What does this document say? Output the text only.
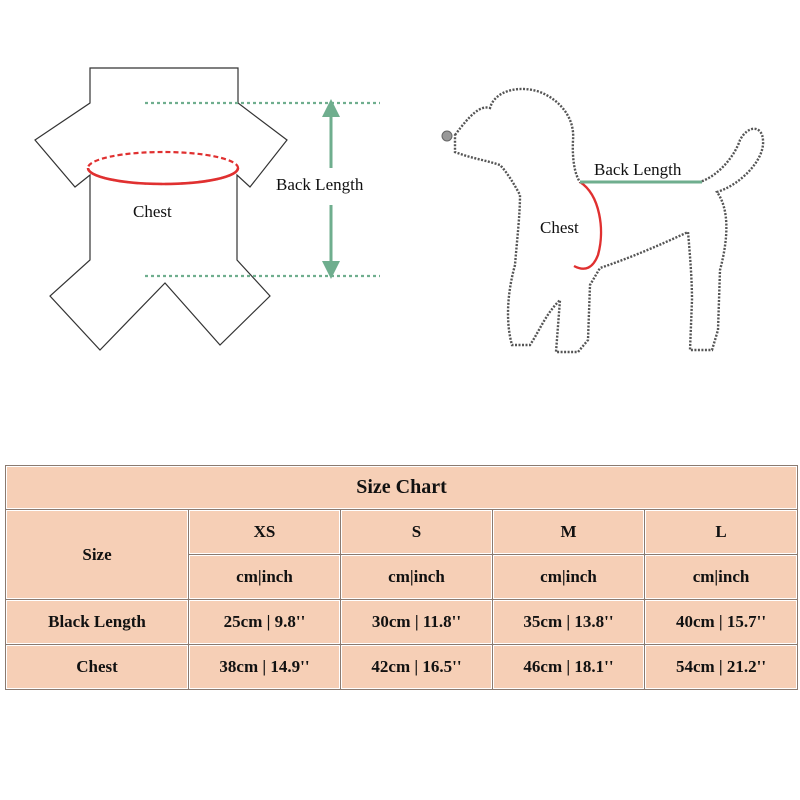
Chest
Back Length
Back Length
Chest
Size Chart				
Size	XS	S	M	L
	cm|inch	cm|inch	cm|inch	cm|inch
Black Length	25cm | 9.8''	30cm | 11.8''	35cm | 13.8''	40cm | 15.7''
Chest	38cm | 14.9''	42cm | 16.5''	46cm | 18.1''	54cm | 21.2''
